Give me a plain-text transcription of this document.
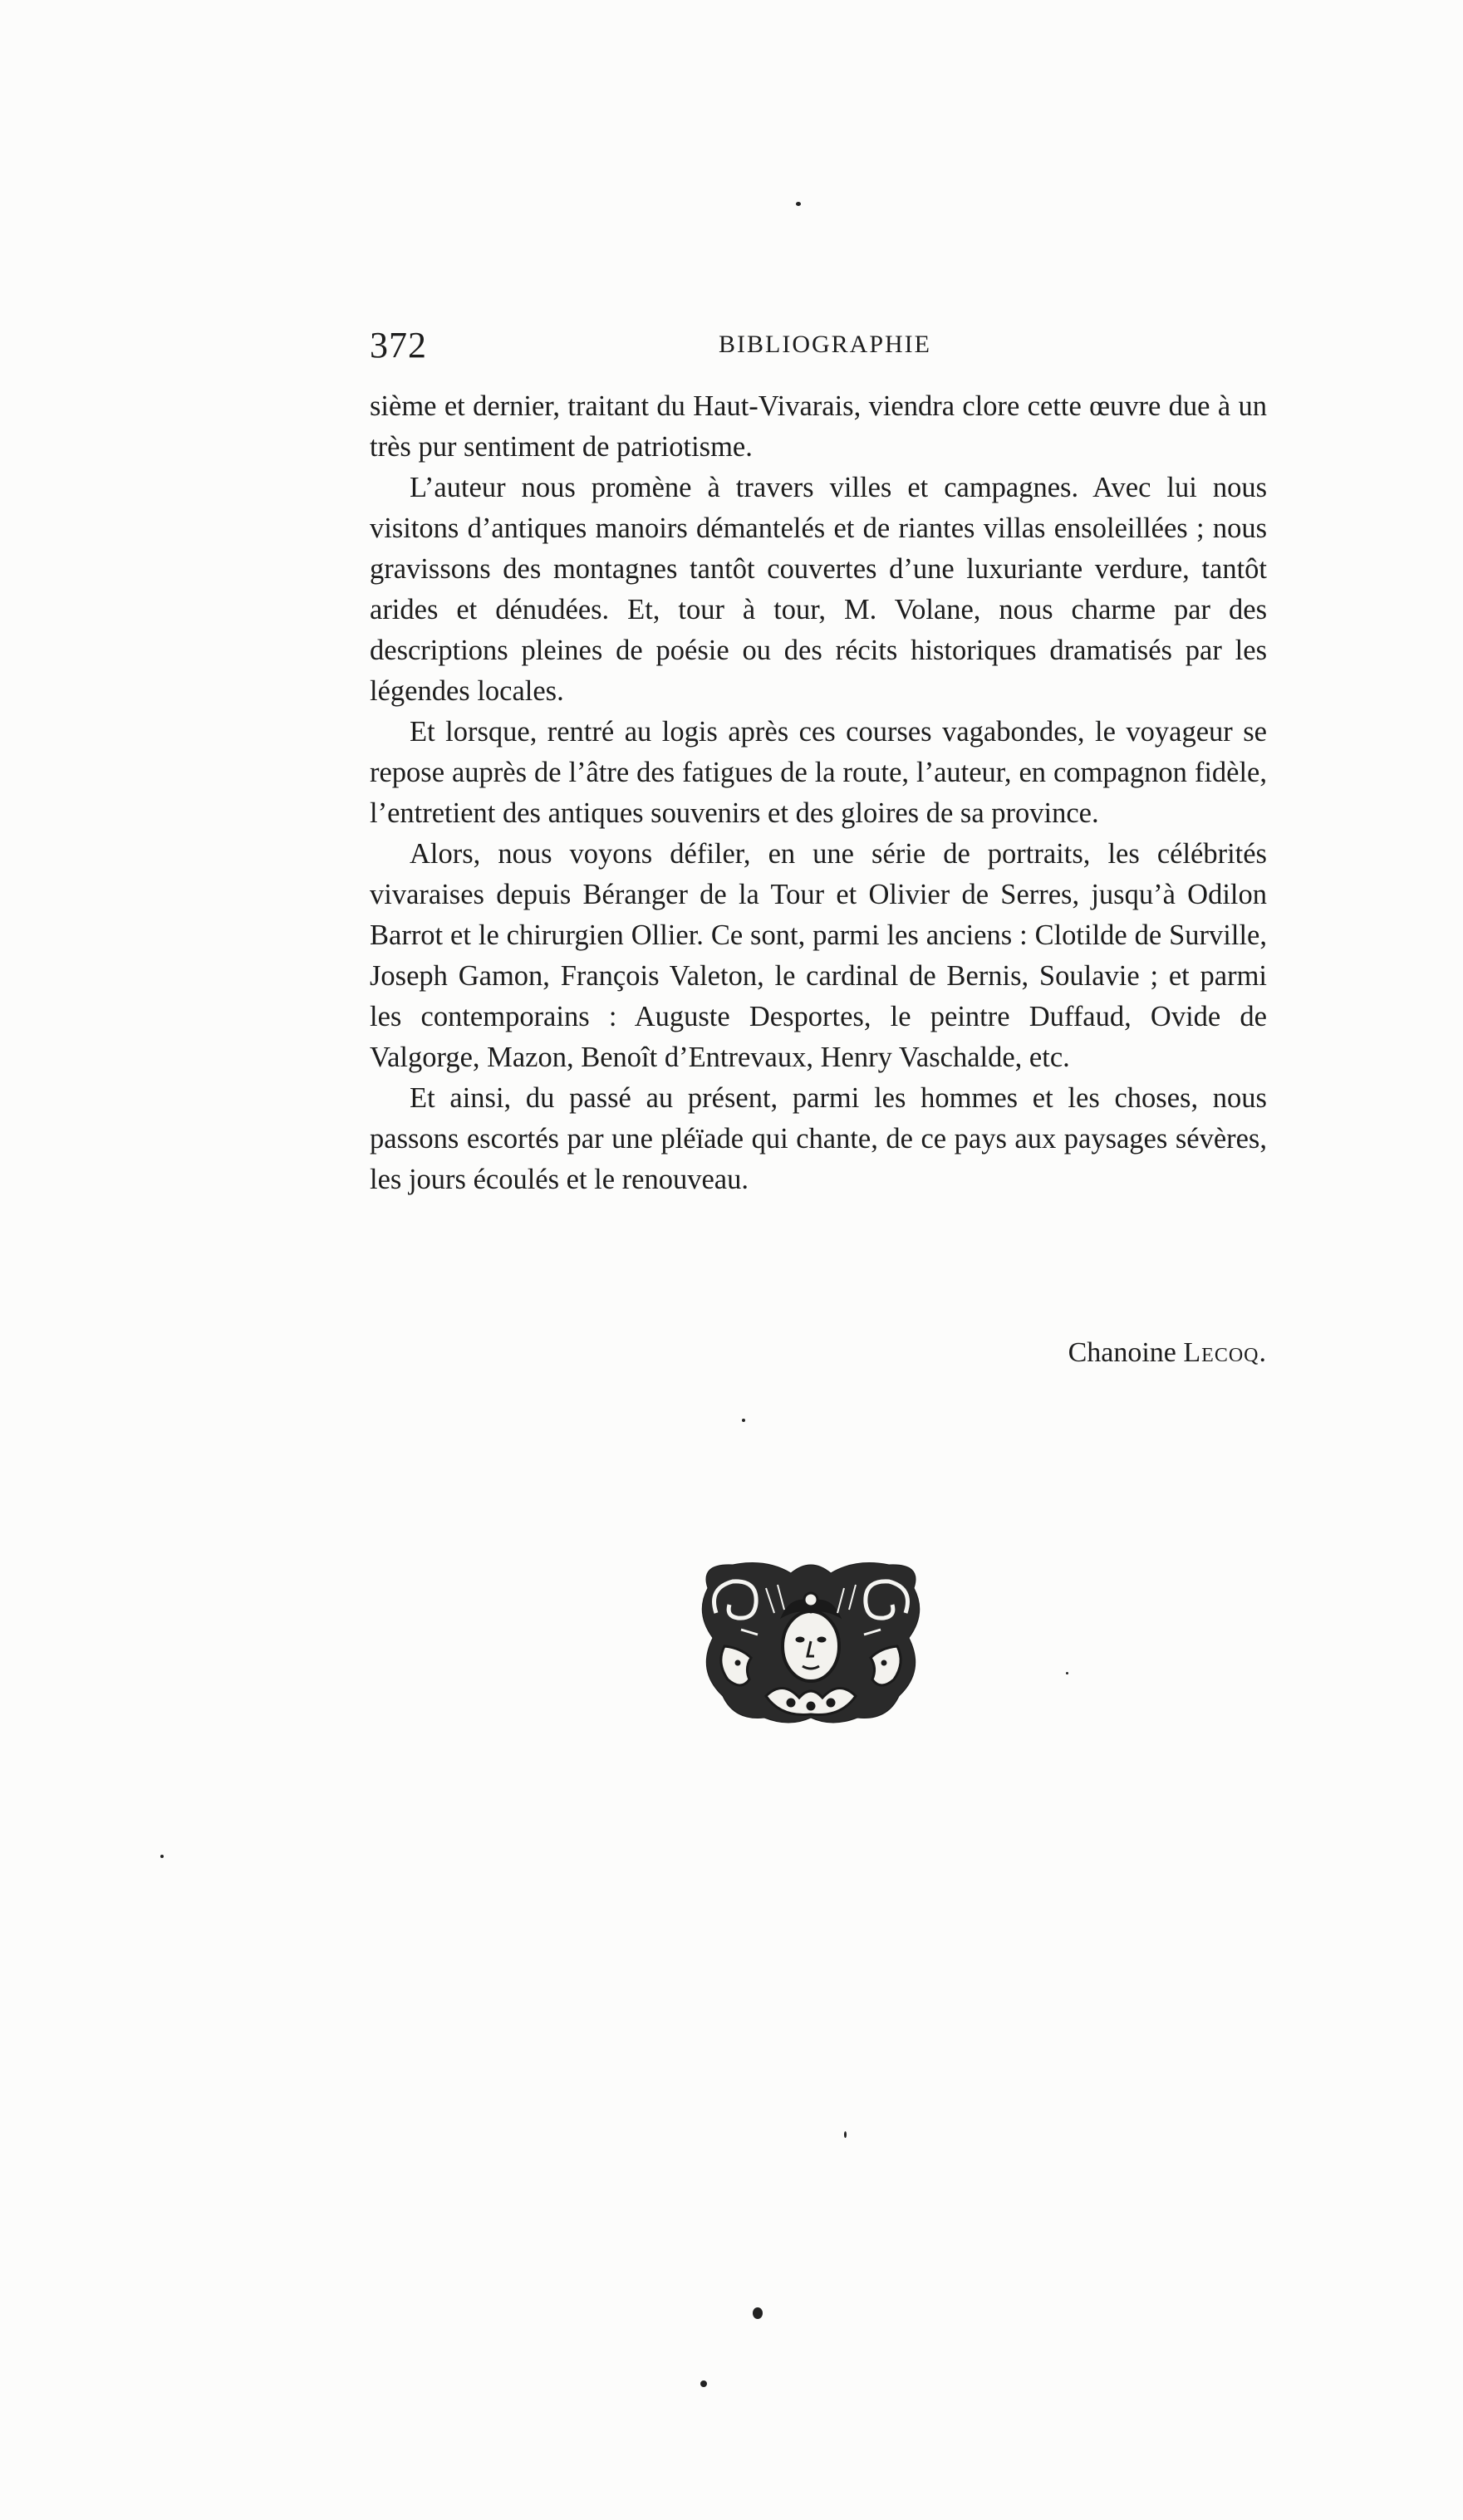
372	BIBLIOGRAPHIE

sième et dernier, traitant du Haut-Vivarais, viendra clore cette œuvre due à un très pur sentiment de patriotisme.

L’auteur nous promène à travers villes et campagnes. Avec lui nous visitons d’antiques manoirs démantelés et de riantes villas ensoleillées ; nous gravissons des montagnes tantôt couvertes d’une luxuriante verdure, tantôt arides et dénudées. Et, tour à tour, M. Volane, nous charme par des descriptions pleines de poésie ou des récits historiques dramatisés par les légendes locales.

Et lorsque, rentré au logis après ces courses vagabondes, le voyageur se repose auprès de l’âtre des fatigues de la route, l’auteur, en compagnon fidèle, l’entretient des antiques souvenirs et des gloires de sa province.

Alors, nous voyons défiler, en une série de portraits, les célébrités vivaraises depuis Béranger de la Tour et Olivier de Serres, jusqu’à Odilon Barrot et le chirurgien Ollier. Ce sont, parmi les anciens : Clotilde de Surville, Joseph Gamon, François Valeton, le cardinal de Bernis, Soulavie ; et parmi les contemporains : Auguste Desportes, le peintre Duffaud, Ovide de Valgorge, Mazon, Benoît d’Entrevaux, Henry Vaschalde, etc.

Et ainsi, du passé au présent, parmi les hommes et les choses, nous passons escortés par une pléïade qui chante, de ce pays aux paysages sévères, les jours écoulés et le renouveau.

Chanoine Lecoq.
